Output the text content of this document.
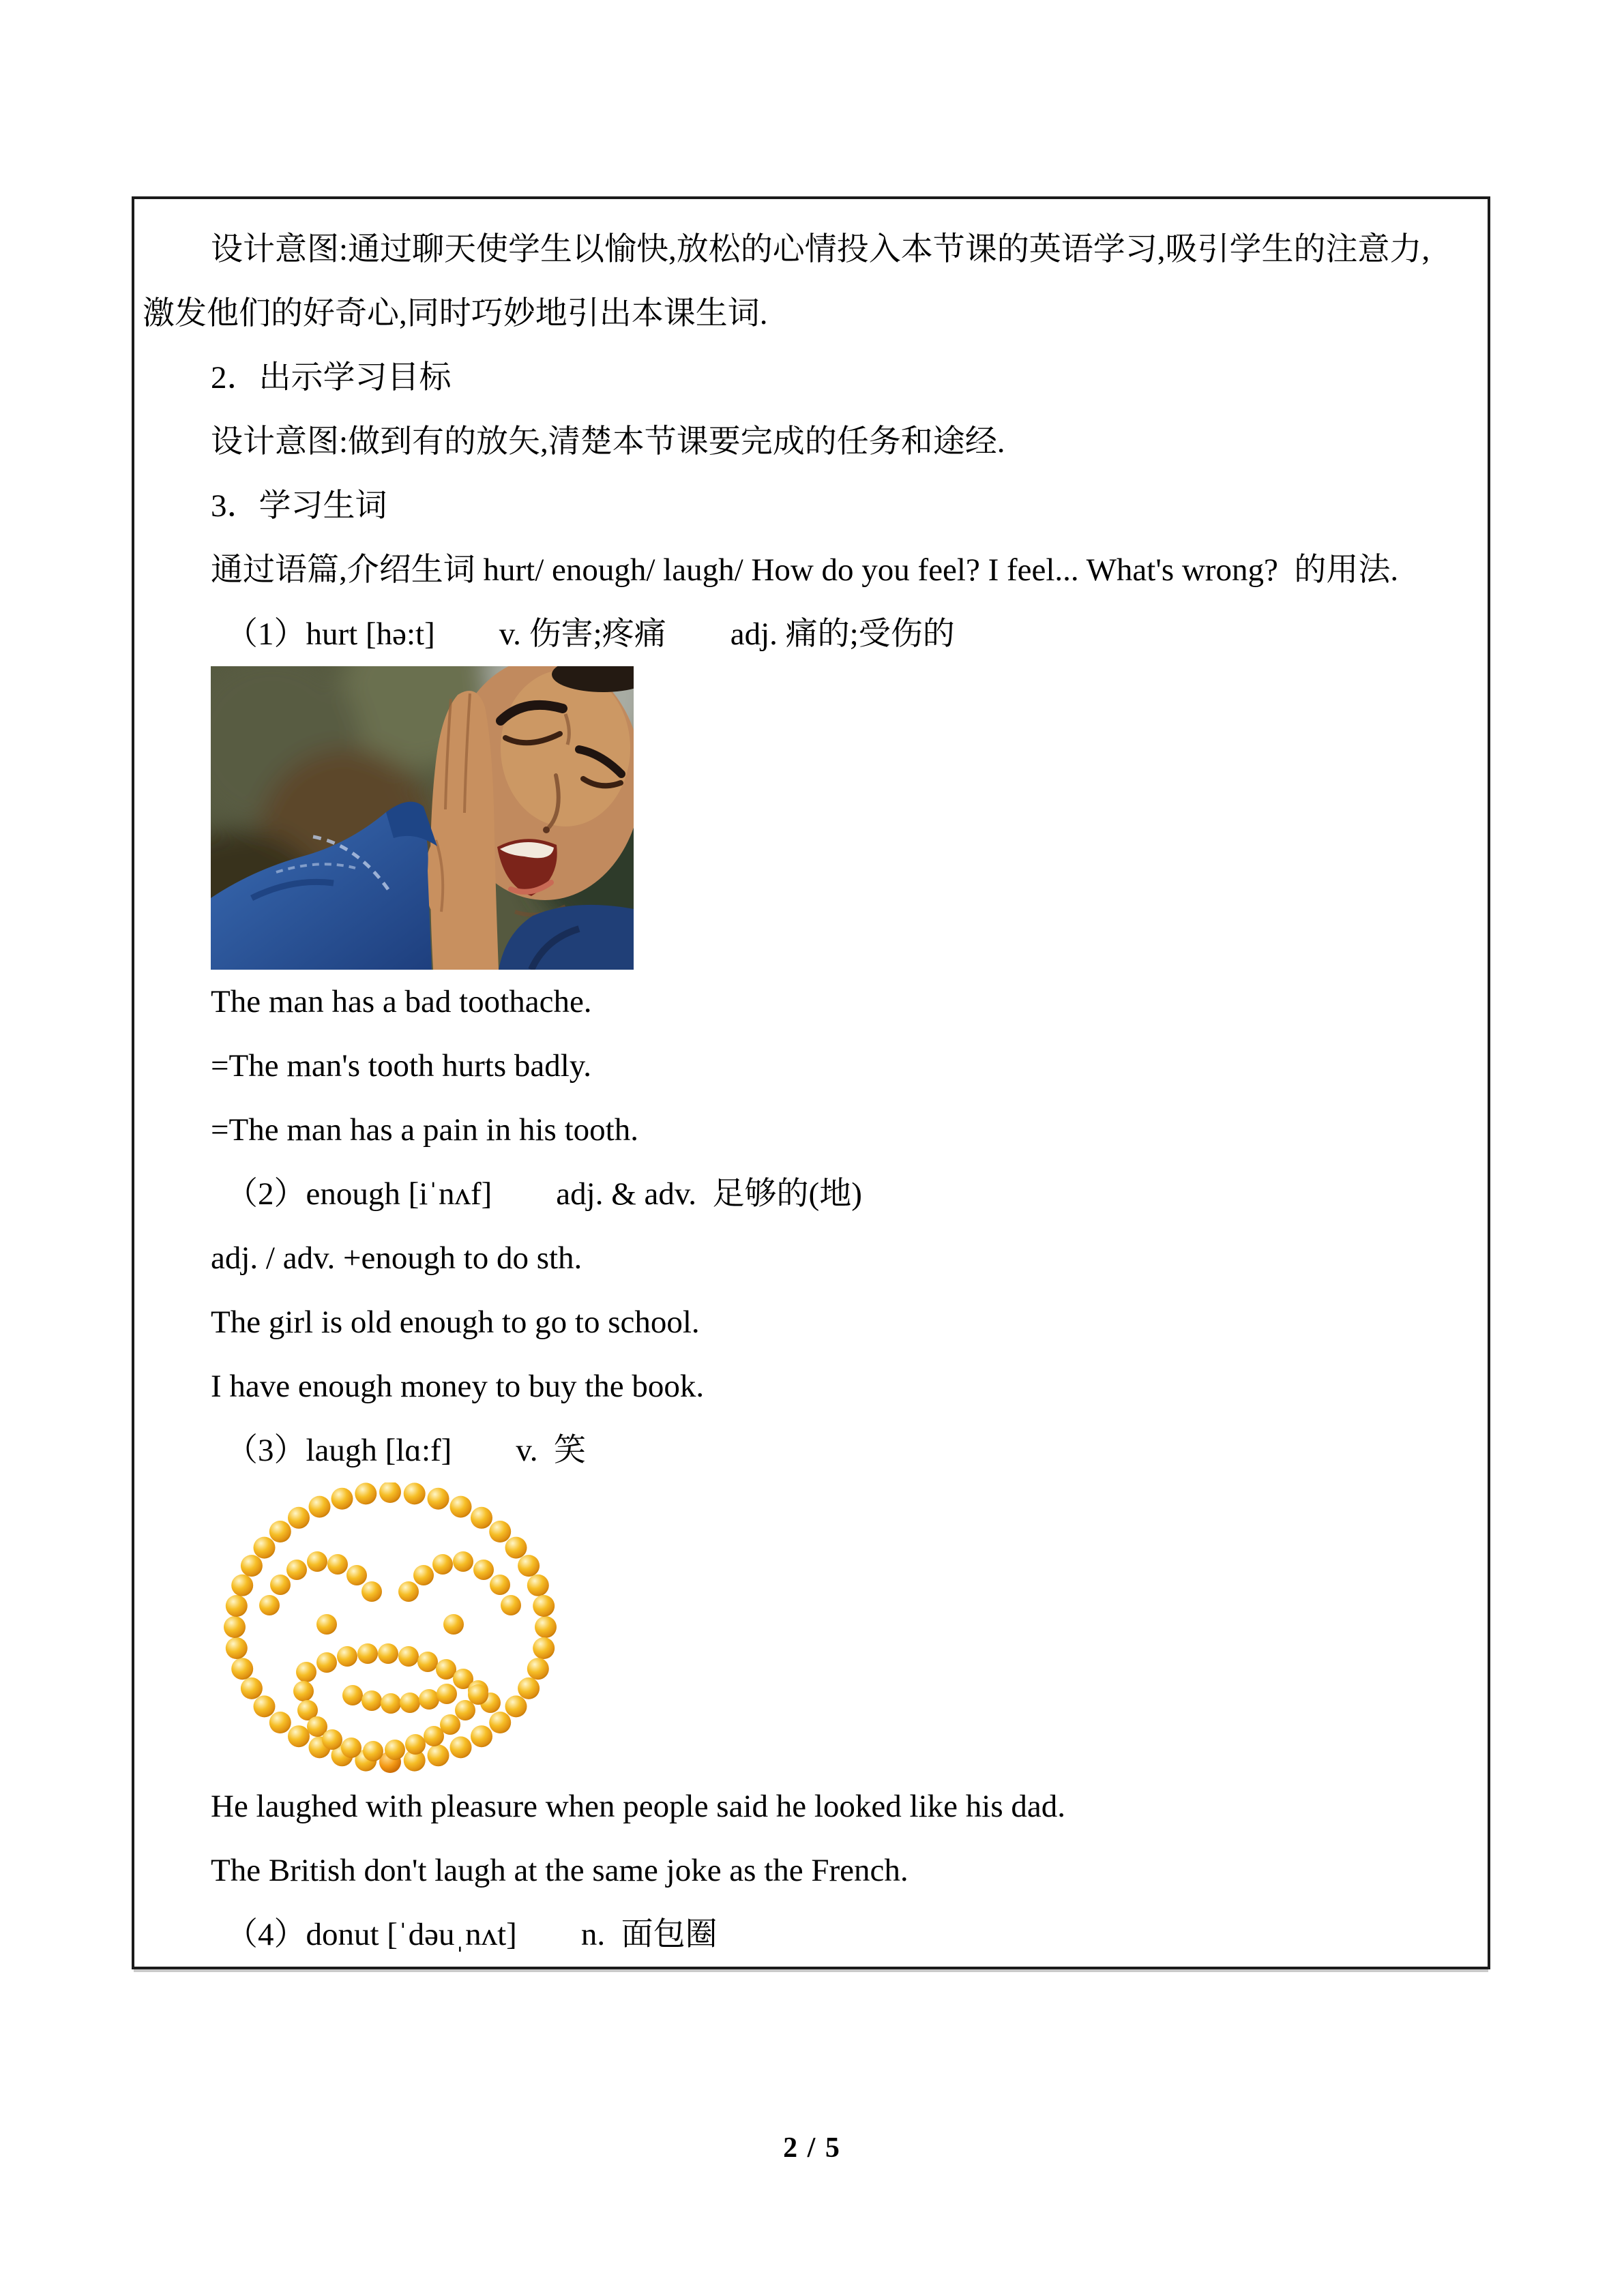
设计意图:通过聊天使学生以愉快,放松的心情投入本节课的英语学习,吸引学生的注意力,

激发他们的好奇心,同时巧妙地引出本课生词.

2．出示学习目标

设计意图:做到有的放矢,清楚本节课要完成的任务和途经.

3．学习生词

通过语篇,介绍生词 hurt/ enough/ laugh/ How do you feel? I feel... What's wrong?  的用法.

（1）hurt [hə:t]　　v. 伤害;疼痛　　adj. 痛的;受伤的

The man has a bad toothache.

=The man's tooth hurts badly.

=The man has a pain in his tooth.

（2）enough [iˈnʌf]　　adj. & adv.  足够的(地)

adj. / adv. +enough to do sth.

The girl is old enough to go to school.

I have enough money to buy the book.

（3）laugh [lɑ:f]　　v.  笑

He laughed with pleasure when people said he looked like his dad.

The British don't laugh at the same joke as the French.

（4）donut [ˈdəuˌnʌt]　　n.  面包圈

2 / 5
